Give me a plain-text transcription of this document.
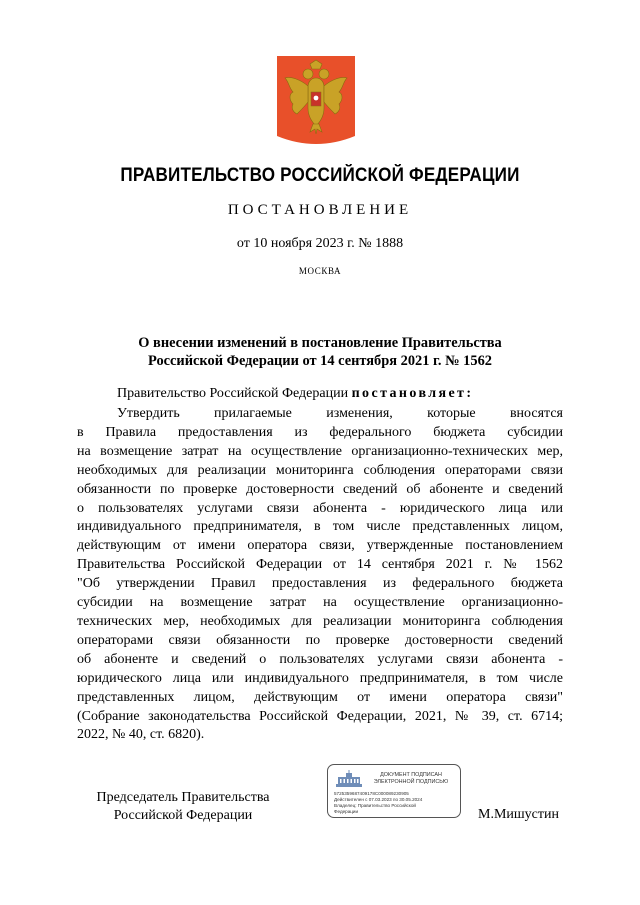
ПРАВИТЕЛЬСТВО РОССИЙСКОЙ ФЕДЕРАЦИИ
ПОСТАНОВЛЕНИЕ
от 10 ноября 2023 г. № 1888
МОСКВА
О внесении изменений в постановление Правительства
Российской Федерации от 14 сентября 2021 г. № 1562
Правительство Российской Федерации постановляет:
Утвердить прилагаемые изменения, которые вносятся
в Правила предоставления из федерального бюджета субсидии
на возмещение затрат на осуществление организационно-технических мер,
необходимых для реализации мониторинга соблюдения операторами связи
обязанности по проверке достоверности сведений об абоненте и сведений
о пользователях услугами связи абонента - юридического лица или
индивидуального предпринимателя, в том числе представленных лицом,
действующим от имени оператора связи, утвержденные постановлением
Правительства Российской Федерации от 14 сентября 2021 г. № 1562
"Об утверждении Правил предоставления из федерального бюджета
субсидии на возмещение затрат на осуществление организационно-
технических мер, необходимых для реализации мониторинга соблюдения
операторами связи обязанности по проверке достоверности сведений
об абоненте и сведений о пользователях услугами связи абонента -
юридического лица или индивидуального предпринимателя, в том числе
представленных лицом, действующим от имени оператора связи"
(Собрание законодательства Российской Федерации, 2021, № 39, ст. 6714;
2022, № 40, ст. 6820).
Председатель Правительства
Российской Федерации
ДОКУМЕНТ ПОДПИСАН
ЭЛЕКТРОННОЙ ПОДПИСЬЮ
5725359687409178C000089230905
Действителен с 07.03.2023 по 30.05.2024
Владелец: Правительство Российской
Федерации	М.Мишустин
